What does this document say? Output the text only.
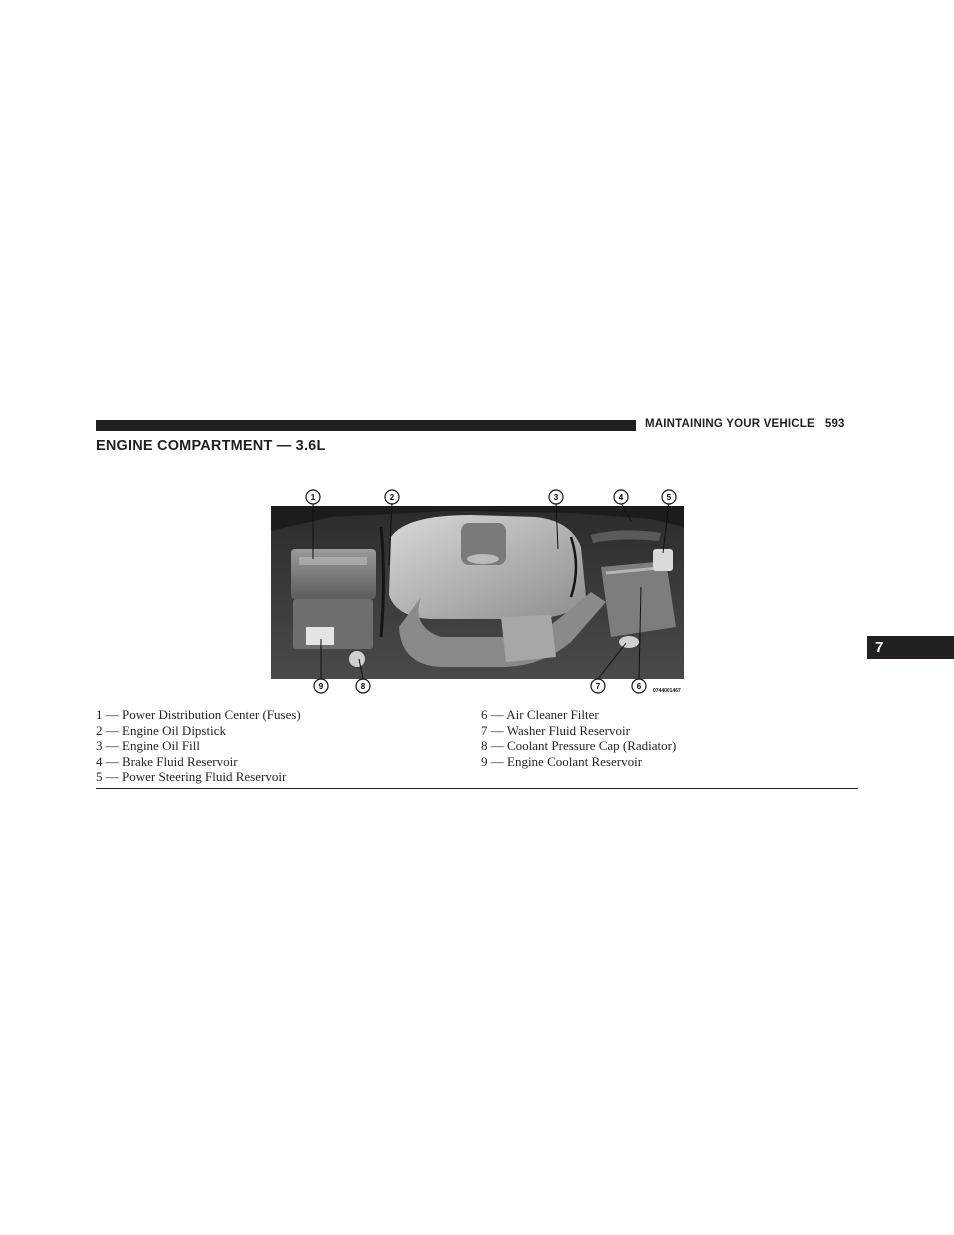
MAINTAINING YOUR VEHICLE 593
ENGINE COMPARTMENT — 3.6L
1	2	3	4	5
9	8	7	6 0744001467
1 — Power Distribution Center (Fuses)
2 — Engine Oil Dipstick
3 — Engine Oil Fill
4 — Brake Fluid Reservoir
5 — Power Steering Fluid Reservoir
6 — Air Cleaner Filter
7 — Washer Fluid Reservoir
8 — Coolant Pressure Cap (Radiator)
9 — Engine Coolant Reservoir
7
